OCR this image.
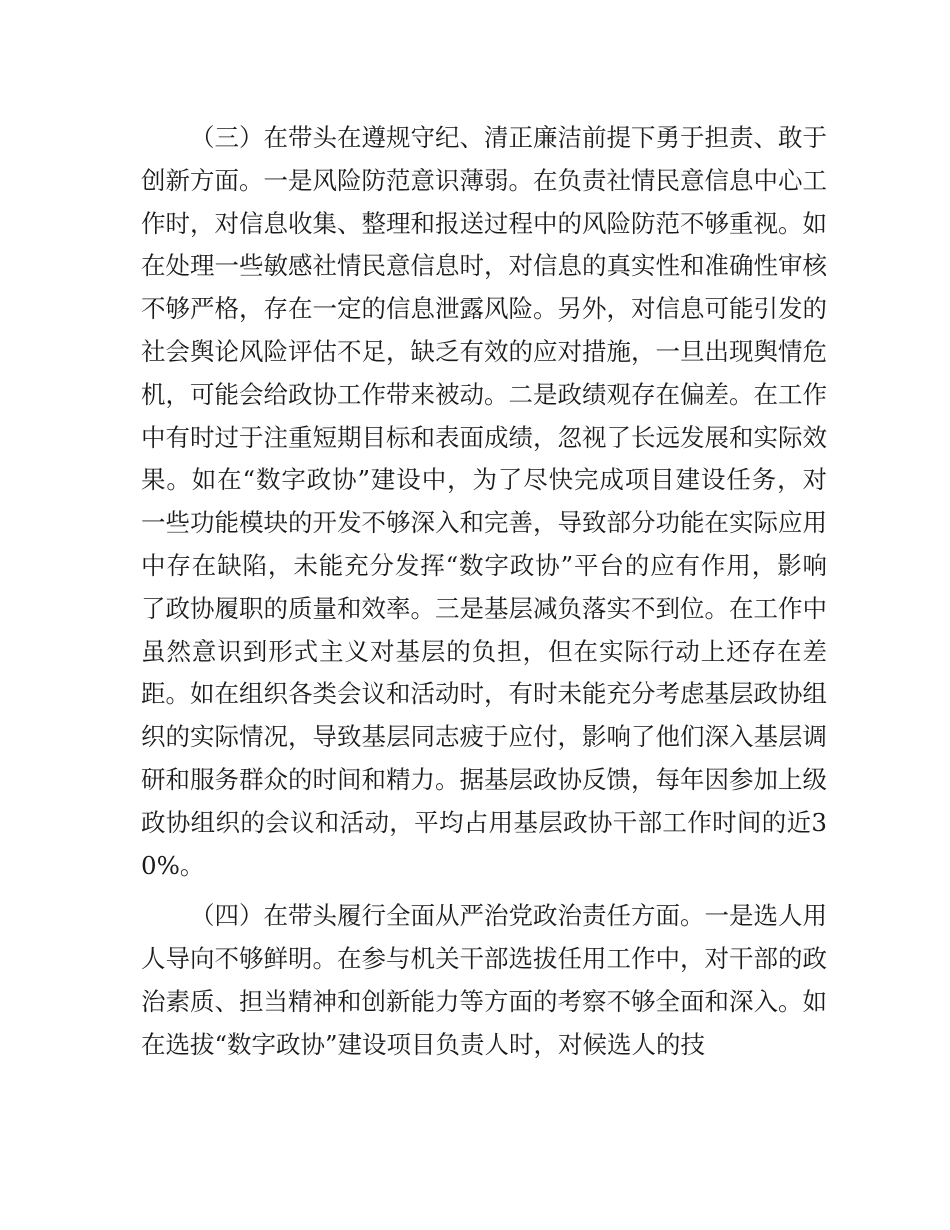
（三）在带头在遵规守纪、清正廉洁前提下勇于担责、敢于创新方面。一是风险防范意识薄弱。在负责社情民意信息中心工作时，对信息收集、整理和报送过程中的风险防范不够重视。如在处理一些敏感社情民意信息时，对信息的真实性和准确性审核不够严格，存在一定的信息泄露风险。另外，对信息可能引发的社会舆论风险评估不足，缺乏有效的应对措施，一旦出现舆情危机，可能会给政协工作带来被动。二是政绩观存在偏差。在工作中有时过于注重短期目标和表面成绩，忽视了长远发展和实际效果。如在“数字政协”建设中，为了尽快完成项目建设任务，对一些功能模块的开发不够深入和完善，导致部分功能在实际应用中存在缺陷，未能充分发挥“数字政协”平台的应有作用，影响了政协履职的质量和效率。三是基层减负落实不到位。在工作中虽然意识到形式主义对基层的负担，但在实际行动上还存在差距。如在组织各类会议和活动时，有时未能充分考虑基层政协组织的实际情况，导致基层同志疲于应付，影响了他们深入基层调研和服务群众的时间和精力。据基层政协反馈，每年因参加上级政协组织的会议和活动，平均占用基层政协干部工作时间的近30%。

（四）在带头履行全面从严治党政治责任方面。一是选人用人导向不够鲜明。在参与机关干部选拔任用工作中，对干部的政治素质、担当精神和创新能力等方面的考察不够全面和深入。如在选拔“数字政协”建设项目负责人时，对候选人的技
